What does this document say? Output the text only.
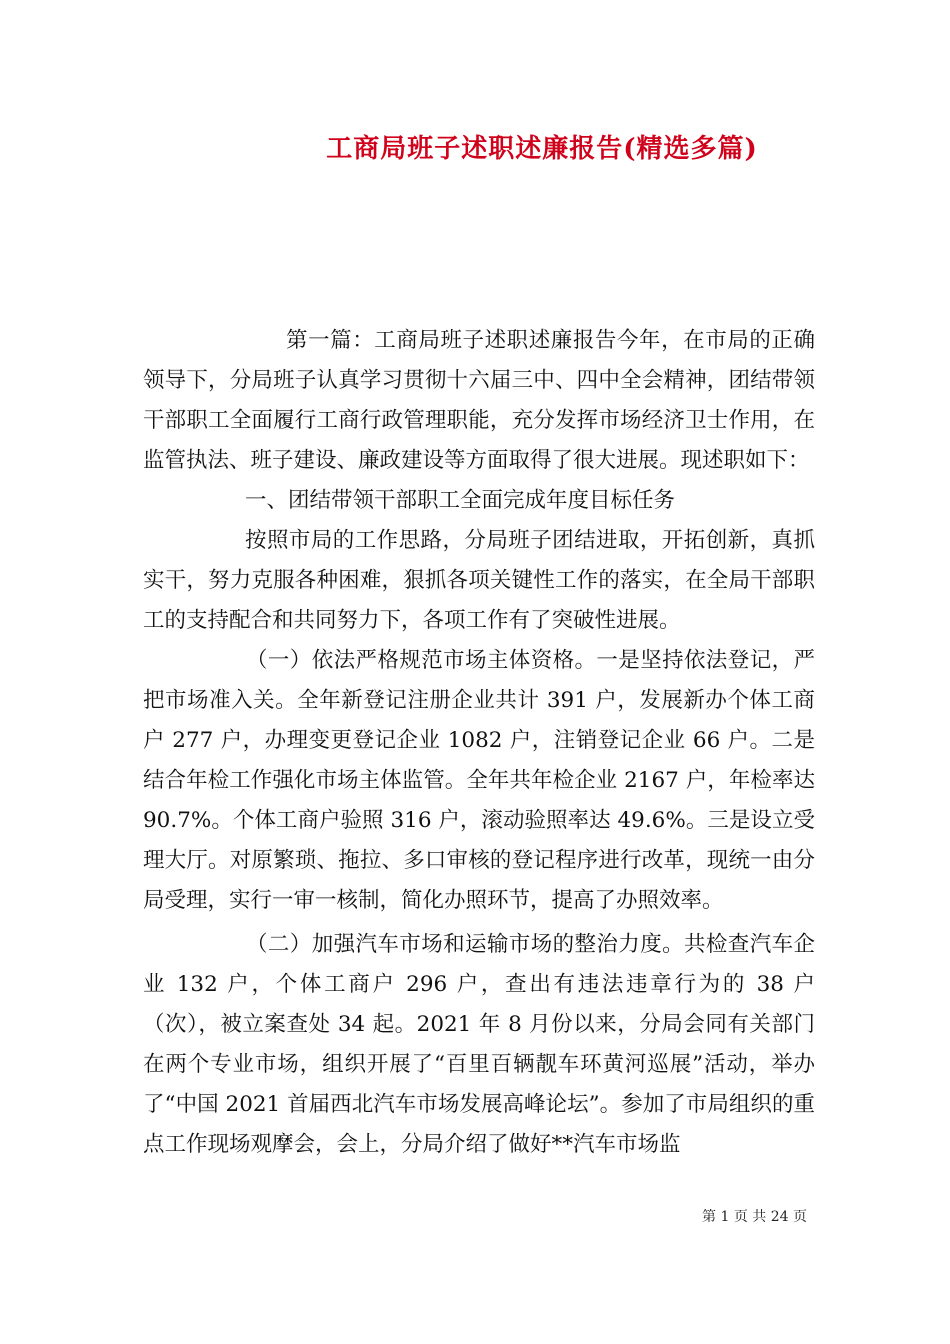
工商局班子述职述廉报告(精选多篇)

第一篇：工商局班子述职述廉报告今年，在市局的正确领导下，分局班子认真学习贯彻十六届三中、四中全会精神，团结带领干部职工全面履行工商行政管理职能，充分发挥市场经济卫士作用，在监管执法、班子建设、廉政建设等方面取得了很大进展。现述职如下：

一、团结带领干部职工全面完成年度目标任务

按照市局的工作思路，分局班子团结进取，开拓创新，真抓实干，努力克服各种困难，狠抓各项关键性工作的落实，在全局干部职工的支持配合和共同努力下，各项工作有了突破性进展。

（一）依法严格规范市场主体资格。一是坚持依法登记，严把市场准入关。全年新登记注册企业共计 391 户，发展新办个体工商户 277 户，办理变更登记企业 1082 户，注销登记企业 66 户。二是结合年检工作强化市场主体监管。全年共年检企业 2167 户，年检率达 90.7%。个体工商户验照 316 户，滚动验照率达 49.6%。三是设立受理大厅。对原繁琐、拖拉、多口审核的登记程序进行改革，现统一由分局受理，实行一审一核制，简化办照环节，提高了办照效率。

（二）加强汽车市场和运输市场的整治力度。共检查汽车企业 132 户，个体工商户 296 户，查出有违法违章行为的 38 户（次），被立案查处 34 起。2021 年 8 月份以来，分局会同有关部门在两个专业市场，组织开展了“百里百辆靓车环黄河巡展”活动，举办了“中国 2021 首届西北汽车市场发展高峰论坛”。参加了市局组织的重点工作现场观摩会，会上，分局介绍了做好**汽车市场监

第 1 页 共 24 页
